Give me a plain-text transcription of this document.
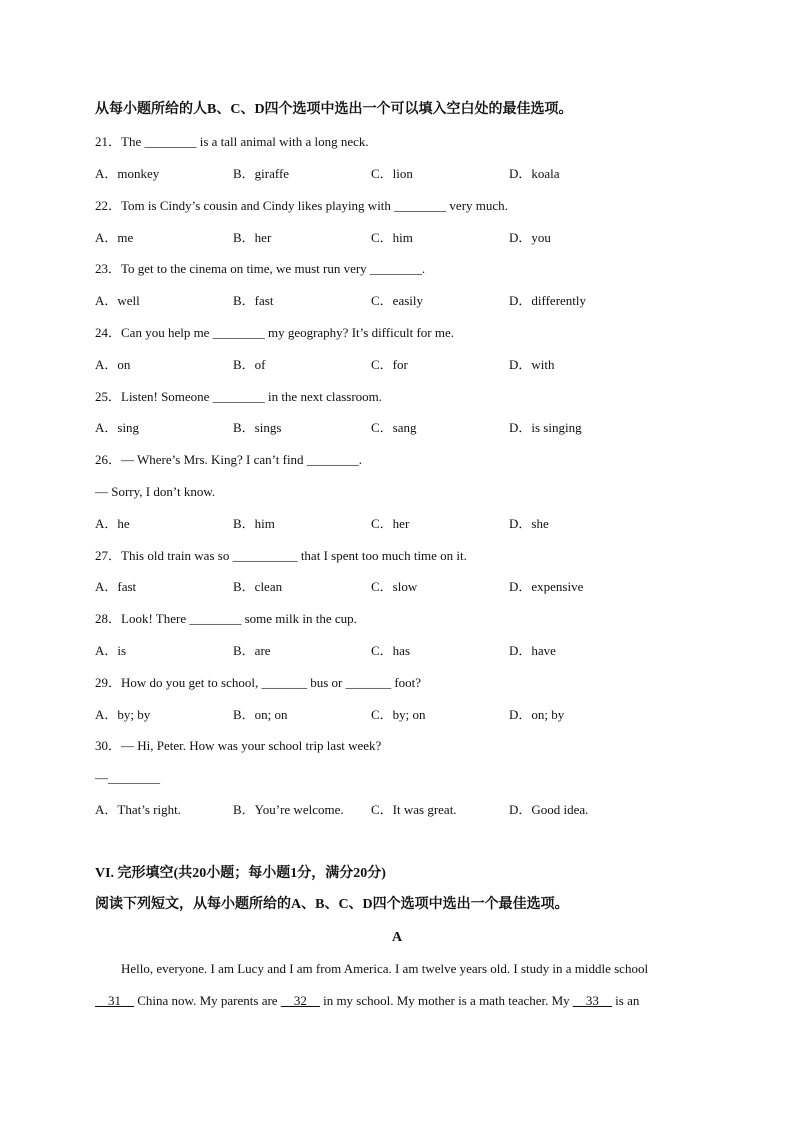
从每小题所给的人B、C、D四个选项中选出一个可以填入空白处的最佳选项。
21．The ________ is a tall animal with a long neck.
A．monkey	B．giraffe	C．lion	D．koala
22．Tom is Cindy’s cousin and Cindy likes playing with ________ very much.
A．me	B．her	C．him	D．you
23．To get to the cinema on time, we must run very ________.
A．well	B．fast	C．easily	D．differently
24．Can you help me ________ my geography? It’s difficult for me.
A．on	B．of	C．for	D．with
25．Listen! Someone ________ in the next classroom.
A．sing	B．sings	C．sang	D．is singing
26．— Where’s Mrs. King? I can’t find ________.
— Sorry, I don’t know.
A．he	B．him	C．her	D．she
27．This old train was so __________ that I spent too much time on it.
A．fast	B．clean	C．slow	D．expensive
28．Look! There ________ some milk in the cup.
A．is	B．are	C．has	D．have
29．How do you get to school, _______ bus or _______ foot?
A．by; by	B．on; on	C．by; on	D．on; by
30．— Hi, Peter. How was your school trip last week?
—________
A．That’s right.	B．You’re welcome. C．It was great.	D．Good idea.
VI. 完形填空(共20小题；每小题1分，满分20分)
阅读下列短文，从每小题所给的A、B、C、D四个选项中选出一个最佳选项。
A
Hello, everyone. I am Lucy and I am from America. I am twelve years old. I study in a middle school
__31__ China now. My parents are __32__ in my school. My mother is a math teacher. My __33__ is an
